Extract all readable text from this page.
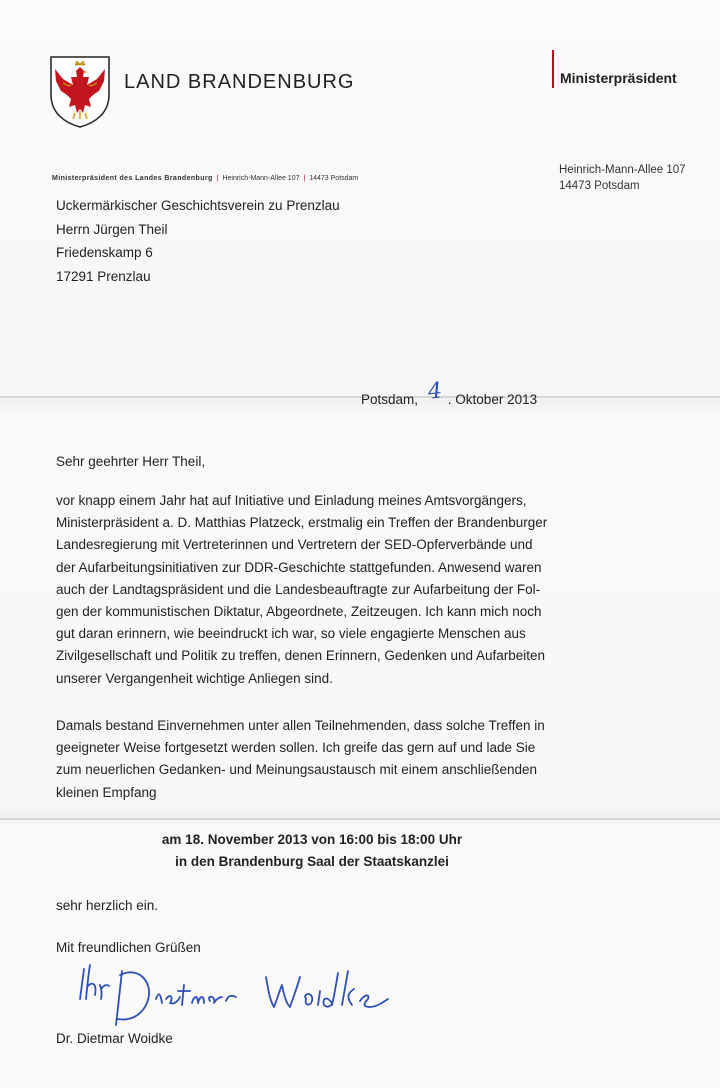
LAND BRANDENBURG	Ministerpräsident
Ministerpräsident des Landes Brandenburg | Heinrich-Mann-Allee 107 | 14473 Potsdam
Heinrich-Mann-Allee 107
14473 Potsdam
Uckermärkischer Geschichtsverein zu Prenzlau
Herrn Jürgen Theil
Friedenskamp 6
17291 Prenzlau
Potsdam, 4 . Oktober 2013
Sehr geehrter Herr Theil,
vor knapp einem Jahr hat auf Initiative und Einladung meines Amtsvorgängers,
Ministerpräsident a. D. Matthias Platzeck, erstmalig ein Treffen der Brandenburger
Landesregierung mit Vertreterinnen und Vertretern der SED-Opferverbände und
der Aufarbeitungsinitiativen zur DDR-Geschichte stattgefunden. Anwesend waren
auch der Landtagspräsident und die Landesbeauftragte zur Aufarbeitung der Fol-
gen der kommunistischen Diktatur, Abgeordnete, Zeitzeugen. Ich kann mich noch
gut daran erinnern, wie beeindruckt ich war, so viele engagierte Menschen aus
Zivilgesellschaft und Politik zu treffen, denen Erinnern, Gedenken und Aufarbeiten
unserer Vergangenheit wichtige Anliegen sind.
Damals bestand Einvernehmen unter allen Teilnehmenden, dass solche Treffen in
geeigneter Weise fortgesetzt werden sollen. Ich greife das gern auf und lade Sie
zum neuerlichen Gedanken- und Meinungsaustausch mit einem anschließenden
kleinen Empfang
am 18. November 2013 von 16:00 bis 18:00 Uhr
in den Brandenburg Saal der Staatskanzlei
sehr herzlich ein.
Mit freundlichen Grüßen
Dr. Dietmar Woidke
